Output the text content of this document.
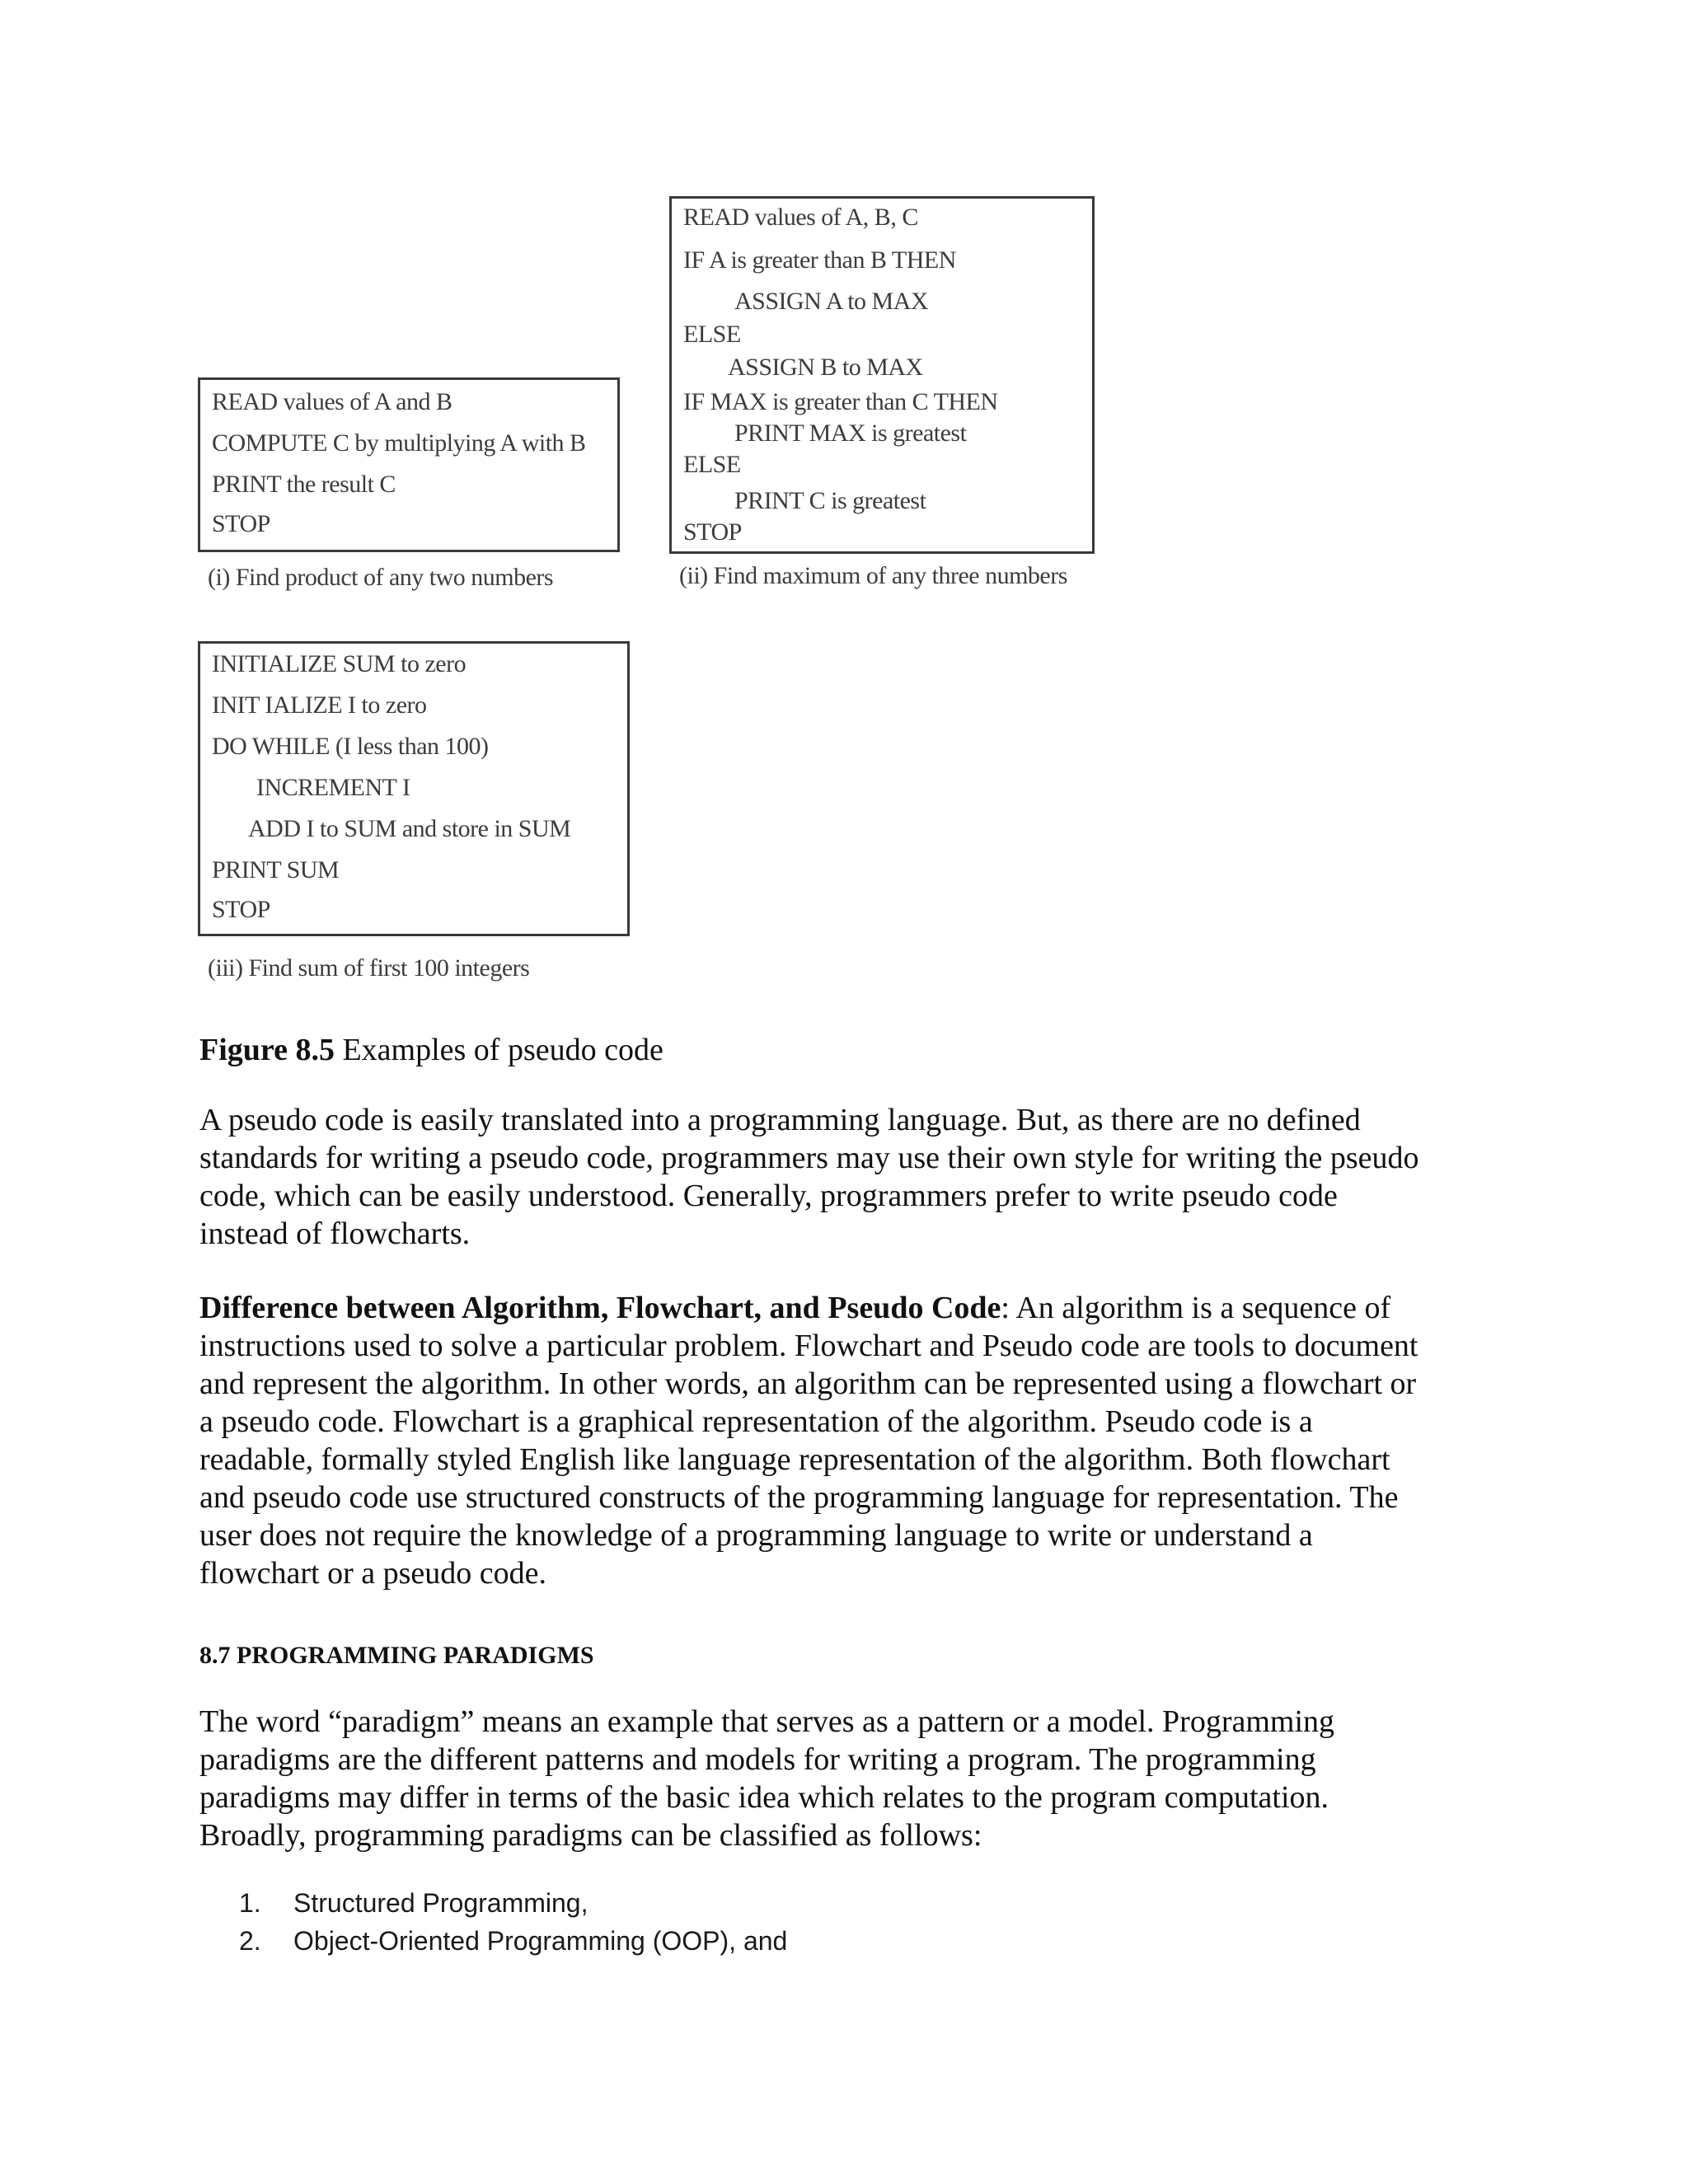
READ values of A and B
COMPUTE C by multiplying A with B
PRINT the result C
STOP
(i) Find product of any two numbers
READ values of A, B, C
IF A is greater than B THEN
ASSIGN A to MAX
ELSE
ASSIGN B to MAX
IF MAX is greater than C THEN
PRINT MAX is greatest
ELSE
PRINT C is greatest
STOP
(ii) Find maximum of any three numbers
INITIALIZE SUM to zero
INIT IALIZE I to zero
DO WHILE (I less than 100)
INCREMENT I
ADD I to SUM and store in SUM
PRINT SUM
STOP
(iii) Find sum of first 100 integers
Figure 8.5 Examples of pseudo code
A pseudo code is easily translated into a programming language. But, as there are no defined
standards for writing a pseudo code, programmers may use their own style for writing the pseudo
code, which can be easily understood. Generally, programmers prefer to write pseudo code
instead of flowcharts.
Difference between Algorithm, Flowchart, and Pseudo Code: An algorithm is a sequence of
instructions used to solve a particular problem. Flowchart and Pseudo code are tools to document
and represent the algorithm. In other words, an algorithm can be represented using a flowchart or
a pseudo code. Flowchart is a graphical representation of the algorithm. Pseudo code is a
readable, formally styled English like language representation of the algorithm. Both flowchart
and pseudo code use structured constructs of the programming language for representation. The
user does not require the knowledge of a programming language to write or understand a
flowchart or a pseudo code.
8.7 PROGRAMMING PARADIGMS
The word “paradigm” means an example that serves as a pattern or a model. Programming
paradigms are the different patterns and models for writing a program. The programming
paradigms may differ in terms of the basic idea which relates to the program computation.
Broadly, programming paradigms can be classified as follows:
1.	Structured Programming,
2.	Object-Oriented Programming (OOP), and
